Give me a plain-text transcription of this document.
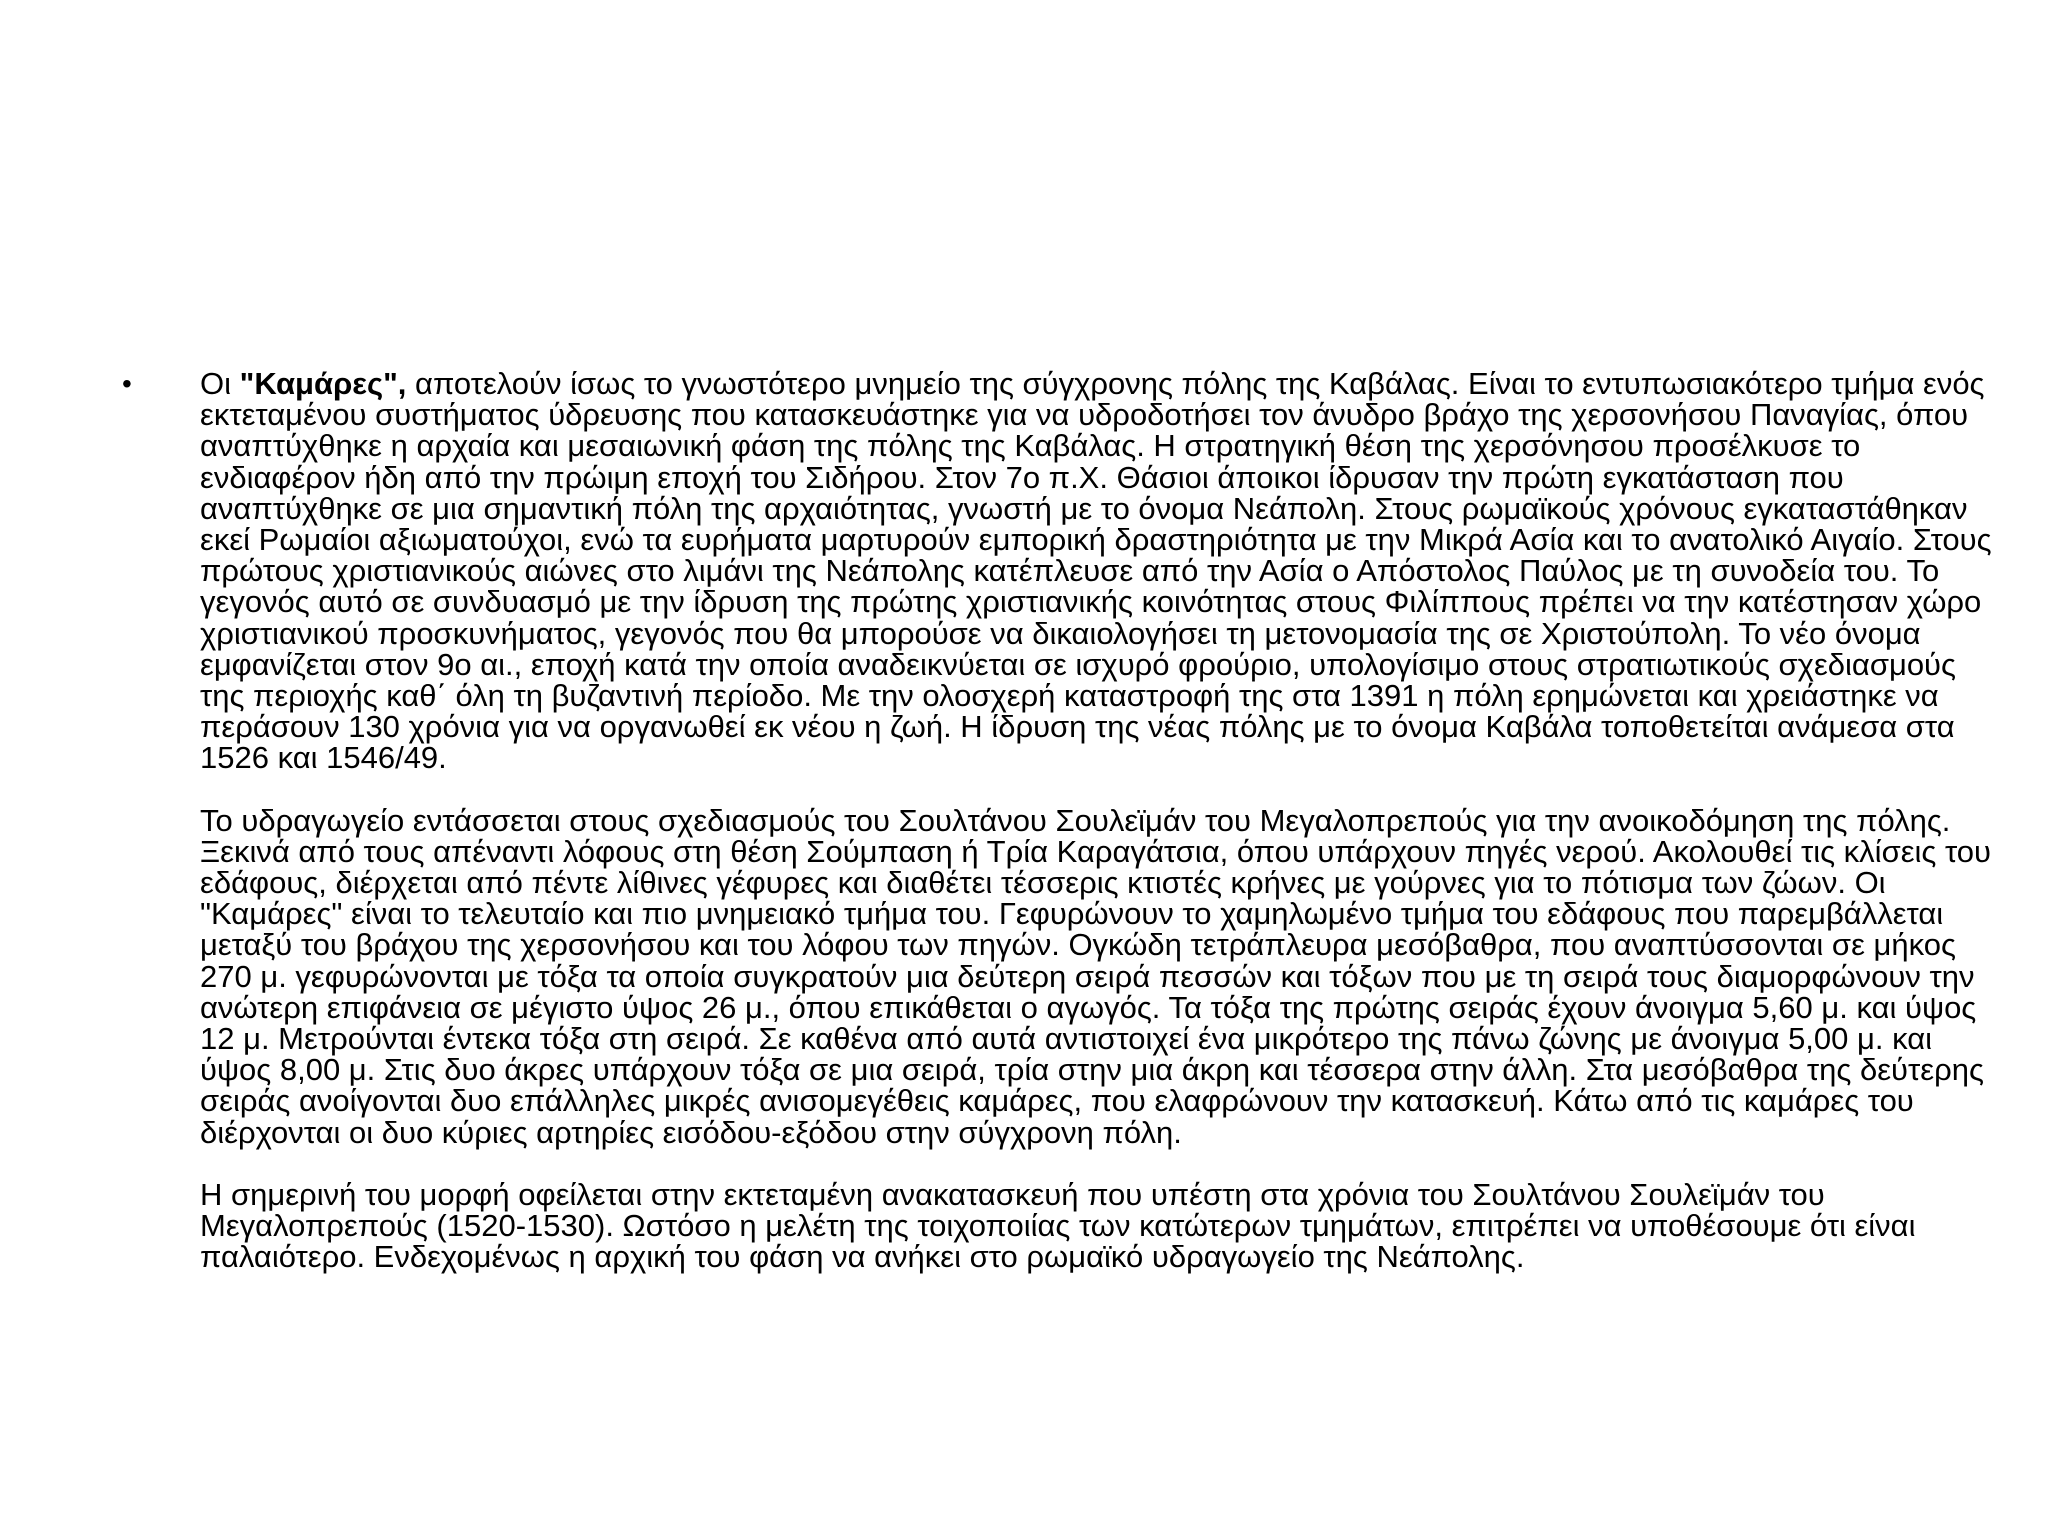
• Οι "Καμάρες", αποτελούν ίσως το γνωστότερο μνημείο της σύγχρονης πόλης της Καβάλας. Είναι το εντυπωσιακότερο τμήμα ενός εκτεταμένου συστήματος ύδρευσης που κατασκευάστηκε για να υδροδοτήσει τον άνυδρο βράχο της χερσονήσου Παναγίας, όπου αναπτύχθηκε η αρχαία και μεσαιωνική φάση της πόλης της Καβάλας. Η στρατηγική θέση της χερσόνησου προσέλκυσε το ενδιαφέρον ήδη από την πρώιμη εποχή του Σιδήρου. Στον 7ο π.Χ. Θάσιοι άποικοι ίδρυσαν την πρώτη εγκατάσταση που αναπτύχθηκε σε μια σημαντική πόλη της αρχαιότητας, γνωστή με το όνομα Νεάπολη. Στους ρωμαϊκούς χρόνους εγκαταστάθηκαν εκεί Ρωμαίοι αξιωματούχοι, ενώ τα ευρήματα μαρτυρούν εμπορική δραστηριότητα με την Μικρά Ασία και το ανατολικό Αιγαίο. Στους πρώτους χριστιανικούς αιώνες στο λιμάνι της Νεάπολης κατέπλευσε από την Ασία ο Απόστολος Παύλος με τη συνοδεία του. Το γεγονός αυτό σε συνδυασμό με την ίδρυση της πρώτης χριστιανικής κοινότητας στους Φιλίππους πρέπει να την κατέστησαν χώρο χριστιανικού προσκυνήματος, γεγονός που θα μπορούσε να δικαιολογήσει τη μετονομασία της σε Χριστούπολη. Το νέο όνομα εμφανίζεται στον 9ο αι., εποχή κατά την οποία αναδεικνύεται σε ισχυρό φρούριο, υπολογίσιμο στους στρατιωτικούς σχεδιασμούς της περιοχής καθ΄ όλη τη βυζαντινή περίοδο. Με την ολοσχερή καταστροφή της στα 1391 η πόλη ερημώνεται και χρειάστηκε να περάσουν 130 χρόνια για να οργανωθεί εκ νέου η ζωή. Η ίδρυση της νέας πόλης με το όνομα Καβάλα τοποθετείται ανάμεσα στα 1526 και 1546/49.

Το υδραγωγείο εντάσσεται στους σχεδιασμούς του Σουλτάνου Σουλεϊμάν του Μεγαλοπρεπούς για την ανοικοδόμηση της πόλης. Ξεκινά από τους απέναντι λόφους στη θέση Σούμπαση ή Τρία Καραγάτσια, όπου υπάρχουν πηγές νερού. Ακολουθεί τις κλίσεις του εδάφους, διέρχεται από πέντε λίθινες γέφυρες και διαθέτει τέσσερις κτιστές κρήνες με γούρνες για το πότισμα των ζώων. Οι "Καμάρες" είναι το τελευταίο και πιο μνημειακό τμήμα του. Γεφυρώνουν το χαμηλωμένο τμήμα του εδάφους που παρεμβάλλεται μεταξύ του βράχου της χερσονήσου και του λόφου των πηγών. Ογκώδη τετράπλευρα μεσόβαθρα, που αναπτύσσονται σε μήκος 270 μ. γεφυρώνονται με τόξα τα οποία συγκρατούν μια δεύτερη σειρά πεσσών και τόξων που με τη σειρά τους διαμορφώνουν την ανώτερη επιφάνεια σε μέγιστο ύψος 26 μ., όπου επικάθεται ο αγωγός. Τα τόξα της πρώτης σειράς έχουν άνοιγμα 5,60 μ. και ύψος 12 μ. Μετρούνται έντεκα τόξα στη σειρά. Σε καθένα από αυτά αντιστοιχεί ένα μικρότερο της πάνω ζώνης με άνοιγμα 5,00 μ. και ύψος 8,00 μ. Στις δυο άκρες υπάρχουν τόξα σε μια σειρά, τρία στην μια άκρη και τέσσερα στην άλλη. Στα μεσόβαθρα της δεύτερης σειράς ανοίγονται δυο επάλληλες μικρές ανισομεγέθεις καμάρες, που ελαφρώνουν την κατασκευή. Κάτω από τις καμάρες του διέρχονται οι δυο κύριες αρτηρίες εισόδου-εξόδου στην σύγχρονη πόλη.

Η σημερινή του μορφή οφείλεται στην εκτεταμένη ανακατασκευή που υπέστη στα χρόνια του Σουλτάνου Σουλεϊμάν του Μεγαλοπρεπούς (1520-1530). Ωστόσο η μελέτη της τοιχοποιίας των κατώτερων τμημάτων, επιτρέπει να υποθέσουμε ότι είναι παλαιότερο. Ενδεχομένως η αρχική του φάση να ανήκει στο ρωμαϊκό υδραγωγείο της Νεάπολης.
